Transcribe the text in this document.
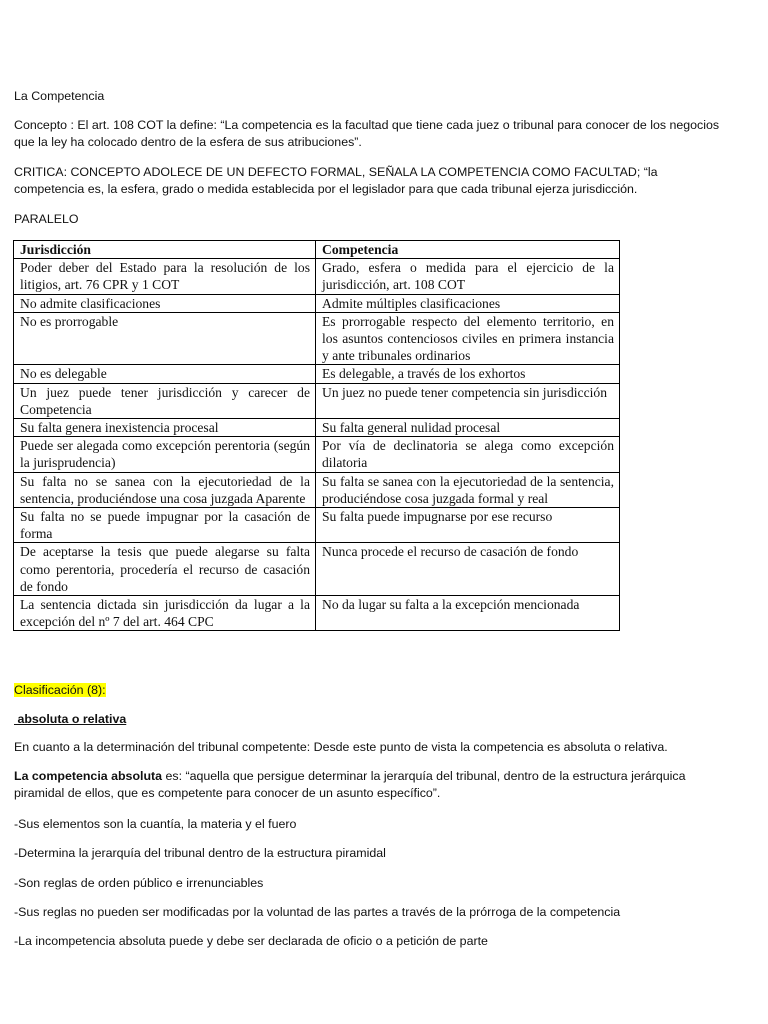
La Competencia

Concepto : El art. 108 COT la define: “La competencia es la facultad que tiene cada juez o tribunal para conocer de los negocios que la ley ha colocado dentro de la esfera de sus atribuciones”.

CRITICA: CONCEPTO ADOLECE DE UN DEFECTO FORMAL, SEÑALA LA COMPETENCIA COMO FACULTAD; “la competencia es, la esfera, grado o medida establecida por el legislador para que cada tribunal ejerza jurisdicción.

PARALELO

Jurisdicción	Competencia
Poder deber del Estado para la resolución de los litigios, art. 76 CPR y 1 COT	Grado, esfera o medida para el ejercicio de la jurisdicción, art. 108 COT
No admite clasificaciones	Admite múltiples clasificaciones
No es prorrogable	Es prorrogable respecto del elemento territorio, en los asuntos contenciosos civiles en primera instancia y ante tribunales ordinarios
No es delegable	Es delegable, a través de los exhortos
Un juez puede tener jurisdicción y carecer de Competencia	Un juez no puede tener competencia sin jurisdicción
Su falta genera inexistencia procesal	Su falta general nulidad procesal
Puede ser alegada como excepción perentoria (según la jurisprudencia)	Por vía de declinatoria se alega como excepción dilatoria
Su falta no se sanea con la ejecutoriedad de la sentencia, produciéndose una cosa juzgada Aparente	Su falta se sanea con la ejecutoriedad de la sentencia, produciéndose cosa juzgada formal y real
Su falta no se puede impugnar por la casación de forma	Su falta puede impugnarse por ese recurso
De aceptarse la tesis que puede alegarse su falta como perentoria, procedería el recurso de casación de fondo	Nunca procede el recurso de casación de fondo
La sentencia dictada sin jurisdicción da lugar a la excepción del nº 7 del art. 464 CPC	No da lugar su falta a la excepción mencionada

Clasificación (8):

absoluta o relativa

En cuanto a la determinación del tribunal competente: Desde este punto de vista la competencia es absoluta o relativa.

La competencia absoluta es: “aquella que persigue determinar la jerarquía del tribunal, dentro de la estructura jerárquica piramidal de ellos, que es competente para conocer de un asunto específico”.

-Sus elementos son la cuantía, la materia y el fuero

-Determina la jerarquía del tribunal dentro de la estructura piramidal

-Son reglas de orden público e irrenunciables

-Sus reglas no pueden ser modificadas por la voluntad de las partes a través de la prórroga de la competencia

-La incompetencia absoluta puede y debe ser declarada de oficio o a petición de parte
